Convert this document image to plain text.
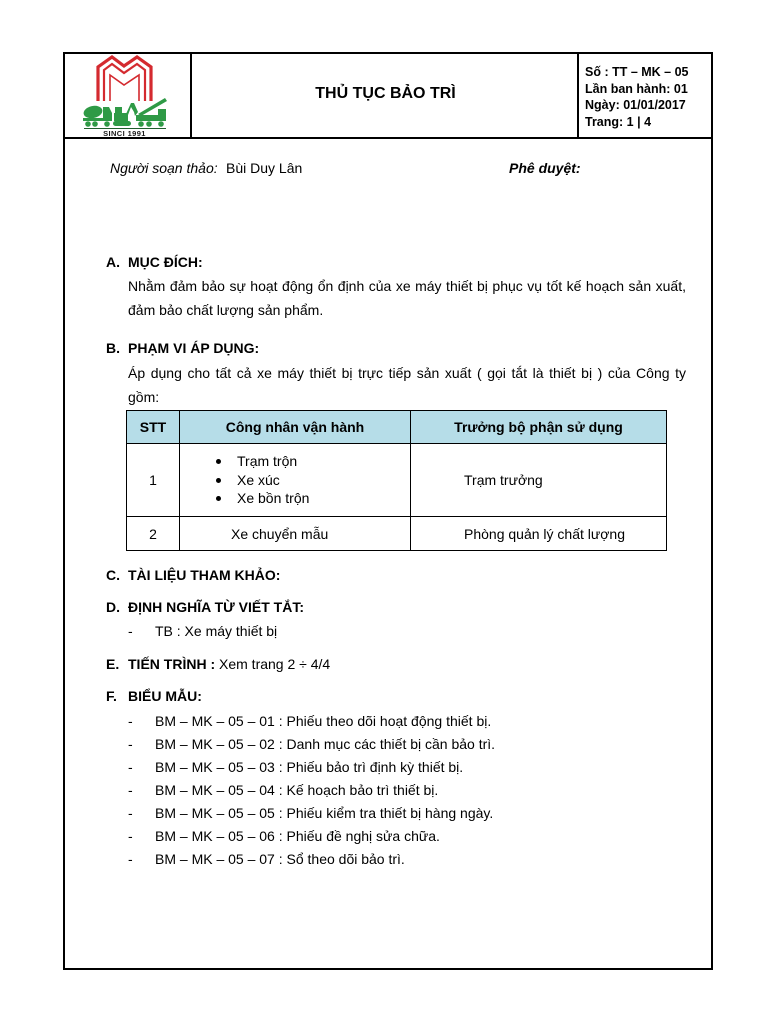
SINCI 1991
THỦ TỤC BẢO TRÌ
Số : TT – MK – 05
Lần ban hành: 01
Ngày: 01/01/2017
Trang: 1 | 4
Người soạn thảo: Bùi Duy Lân	Phê duyệt:
A. MỤC ĐÍCH:
Nhằm đảm bảo sự hoạt động ổn định của xe máy thiết bị phục vụ tốt kế hoạch sản xuất,
đảm bảo chất lượng sản phẩm.
B. PHẠM VI ÁP DỤNG:
Áp dụng cho tất cả xe máy thiết bị trực tiếp sản xuất ( gọi tắt là thiết bị ) của Công ty
gồm:
STT	Công nhân vận hành	Trưởng bộ phận sử dụng
1	Trạm trộn
Xe xúc
Xe bồn trộn	Trạm trưởng
2	Xe chuyển mẫu	Phòng quản lý chất lượng
C. TÀI LIỆU THAM KHẢO:
D. ĐỊNH NGHĨA TỪ VIẾT TẮT:
- TB : Xe máy thiết bị
E. TIẾN TRÌNH : Xem trang 2 ÷ 4/4
F. BIỂU MẪU:
- BM – MK – 05 – 01 : Phiếu theo dõi hoạt động thiết bị.
- BM – MK – 05 – 02 : Danh mục các thiết bị cần bảo trì.
- BM – MK – 05 – 03 : Phiếu bảo trì định kỳ thiết bị.
- BM – MK – 05 – 04 : Kế hoạch bảo trì thiết bị.
- BM – MK – 05 – 05 : Phiếu kiểm tra thiết bị hàng ngày.
- BM – MK – 05 – 06 : Phiếu đề nghị sửa chữa.
- BM – MK – 05 – 07 : Sổ theo dõi bảo trì.
